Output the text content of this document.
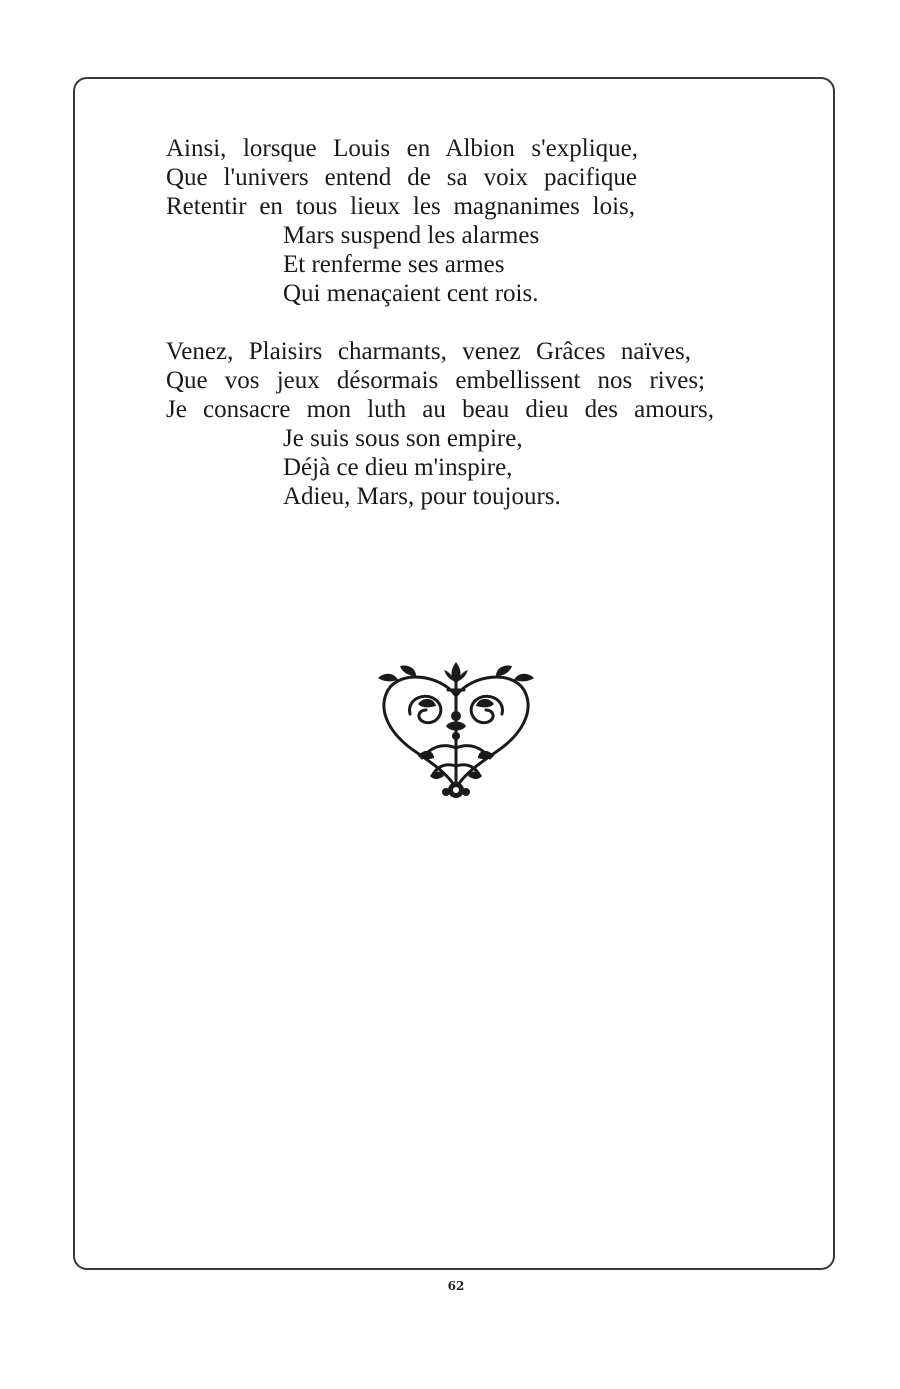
Ainsi, lorsque Louis en Albion s'explique,
Que l'univers entend de sa voix pacifique
Retentir en tous lieux les magnanimes lois,
Mars suspend les alarmes
Et renferme ses armes
Qui menaçaient cent rois.
Venez, Plaisirs charmants, venez Grâces naïves,
Que vos jeux désormais embellissent nos rives;
Je consacre mon luth au beau dieu des amours,
Je suis sous son empire,
Déjà ce dieu m'inspire,
Adieu, Mars, pour toujours.
62
